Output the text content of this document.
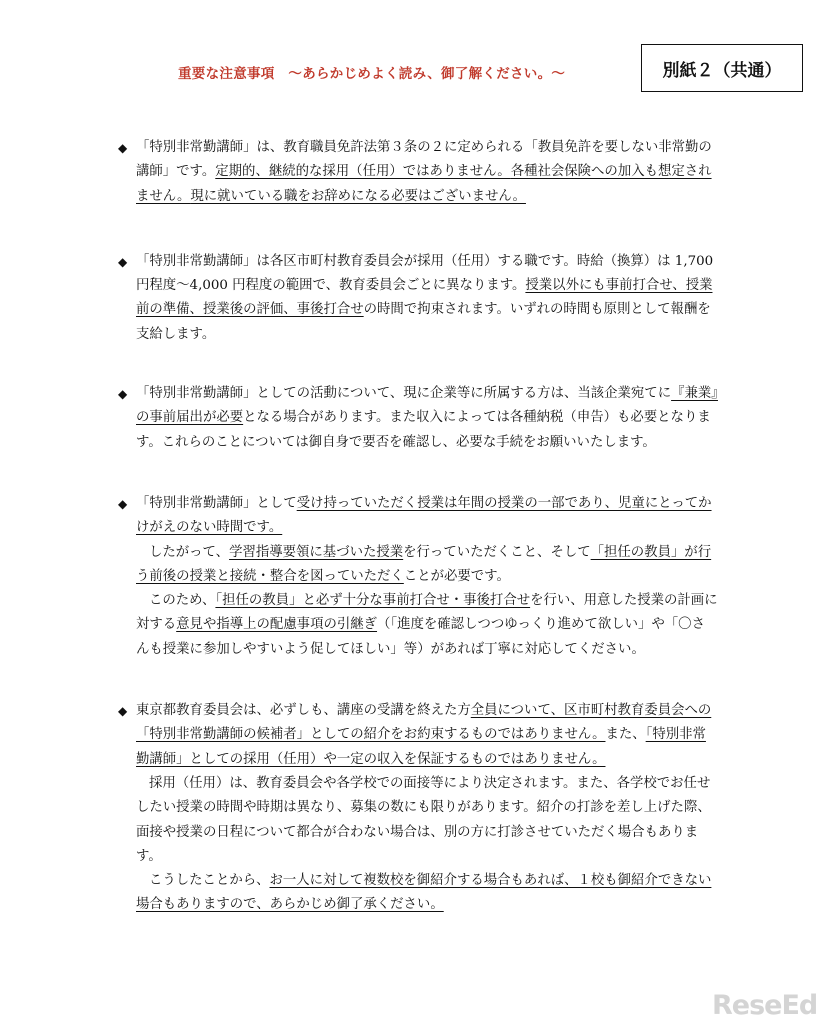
重要な注意事項　～あらかじめよく読み、御了解ください。～	別紙２（共通）
◆ 「特別非常勤講師」は、教育職員免許法第３条の２に定められる「教員免許を要しない非常勤の講師」です。定期的、継続的な採用（任用）ではありません。各種社会保険への加入も想定されません。現に就いている職をお辞めになる必要はございません。
◆ 「特別非常勤講師」は各区市町村教育委員会が採用（任用）する職です。時給（換算）は 1,700 円程度～4,000 円程度の範囲で、教育委員会ごとに異なります。授業以外にも事前打合せ、授業前の準備、授業後の評価、事後打合せの時間で拘束されます。いずれの時間も原則として報酬を支給します。
◆ 「特別非常勤講師」としての活動について、現に企業等に所属する方は、当該企業宛てに『兼業』の事前届出が必要となる場合があります。また収入によっては各種納税（申告）も必要となります。これらのことについては御自身で要否を確認し、必要な手続をお願いいたします。
◆ 「特別非常勤講師」として受け持っていただく授業は年間の授業の一部であり、児童にとってかけがえのない時間です。
したがって、学習指導要領に基づいた授業を行っていただくこと、そして「担任の教員」が行う前後の授業と接続・整合を図っていただくことが必要です。
このため、「担任の教員」と必ず十分な事前打合せ・事後打合せを行い、用意した授業の計画に対する意見や指導上の配慮事項の引継ぎ（「進度を確認しつつゆっくり進めて欲しい」や「〇さんも授業に参加しやすいよう促してほしい」等）があれば丁寧に対応してください。
◆ 東京都教育委員会は、必ずしも、講座の受講を終えた方全員について、区市町村教育委員会への「特別非常勤講師の候補者」としての紹介をお約束するものではありません。また、「特別非常勤講師」としての採用（任用）や一定の収入を保証するものではありません。
採用（任用）は、教育委員会や各学校での面接等により決定されます。また、各学校でお任せしたい授業の時間や時期は異なり、募集の数にも限りがあります。紹介の打診を差し上げた際、面接や授業の日程について都合が合わない場合は、別の方に打診させていただく場合もあります。
こうしたことから、お一人に対して複数校を御紹介する場合もあれば、１校も御紹介できない場合もありますので、あらかじめ御了承ください。
ReseEd
